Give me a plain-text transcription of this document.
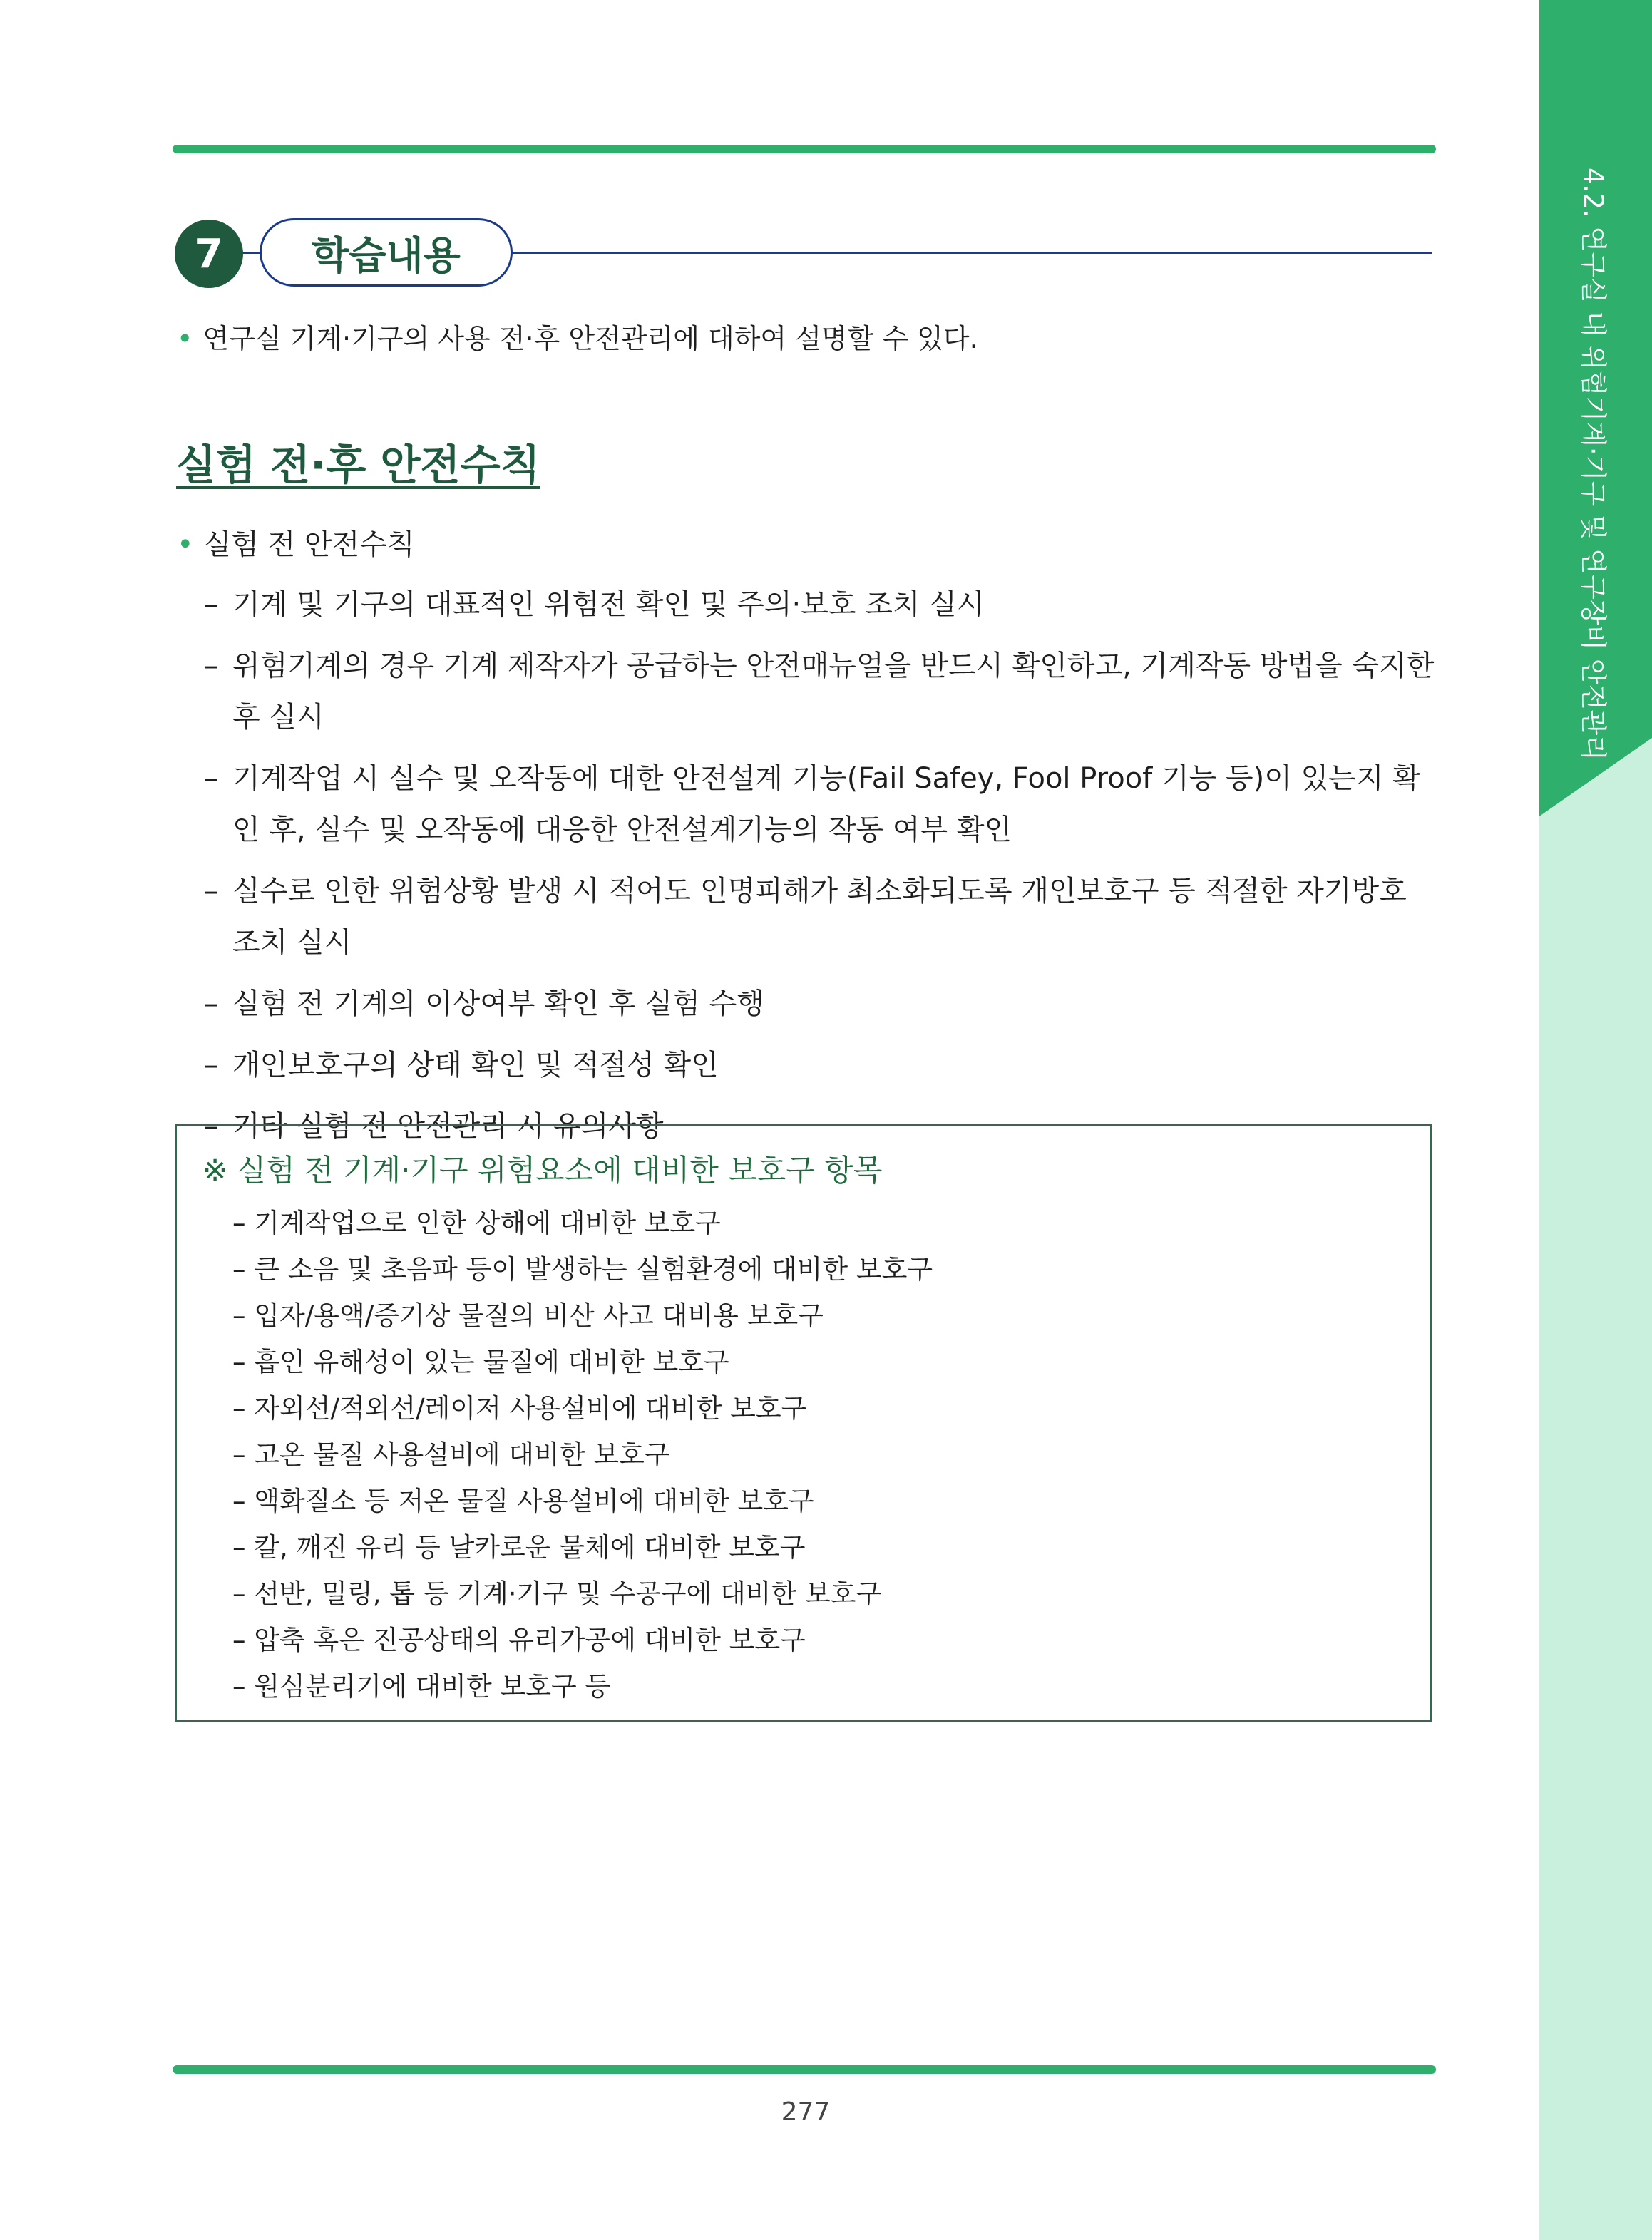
4.2. 연구실 내 위험기계·기구 및 연구장비 안전관리
7	학습내용
• 연구실 기계·기구의 사용 전·후 안전관리에 대하여 설명할 수 있다.
실험 전·후 안전수칙
• 실험 전 안전수칙
– 기계 및 기구의 대표적인 위험전 확인 및 주의·보호 조치 실시
– 위험기계의 경우 기계 제작자가 공급하는 안전매뉴얼을 반드시 확인하고, 기계작동 방법을 숙지한 후 실시
– 기계작업 시 실수 및 오작동에 대한 안전설계 기능(Fail Safey, Fool Proof 기능 등)이 있는지 확인 후, 실수 및 오작동에 대응한 안전설계기능의 작동 여부 확인
– 실수로 인한 위험상황 발생 시 적어도 인명피해가 최소화되도록 개인보호구 등 적절한 자기방호 조치 실시
– 실험 전 기계의 이상여부 확인 후 실험 수행
– 개인보호구의 상태 확인 및 적절성 확인
– 기타 실험 전 안전관리 시 유의사항
※ 실험 전 기계·기구 위험요소에 대비한 보호구 항목
– 기계작업으로 인한 상해에 대비한 보호구
– 큰 소음 및 초음파 등이 발생하는 실험환경에 대비한 보호구
– 입자/용액/증기상 물질의 비산 사고 대비용 보호구
– 흡인 유해성이 있는 물질에 대비한 보호구
– 자외선/적외선/레이저 사용설비에 대비한 보호구
– 고온 물질 사용설비에 대비한 보호구
– 액화질소 등 저온 물질 사용설비에 대비한 보호구
– 칼, 깨진 유리 등 날카로운 물체에 대비한 보호구
– 선반, 밀링, 톱 등 기계·기구 및 수공구에 대비한 보호구
– 압축 혹은 진공상태의 유리가공에 대비한 보호구
– 원심분리기에 대비한 보호구 등
277
